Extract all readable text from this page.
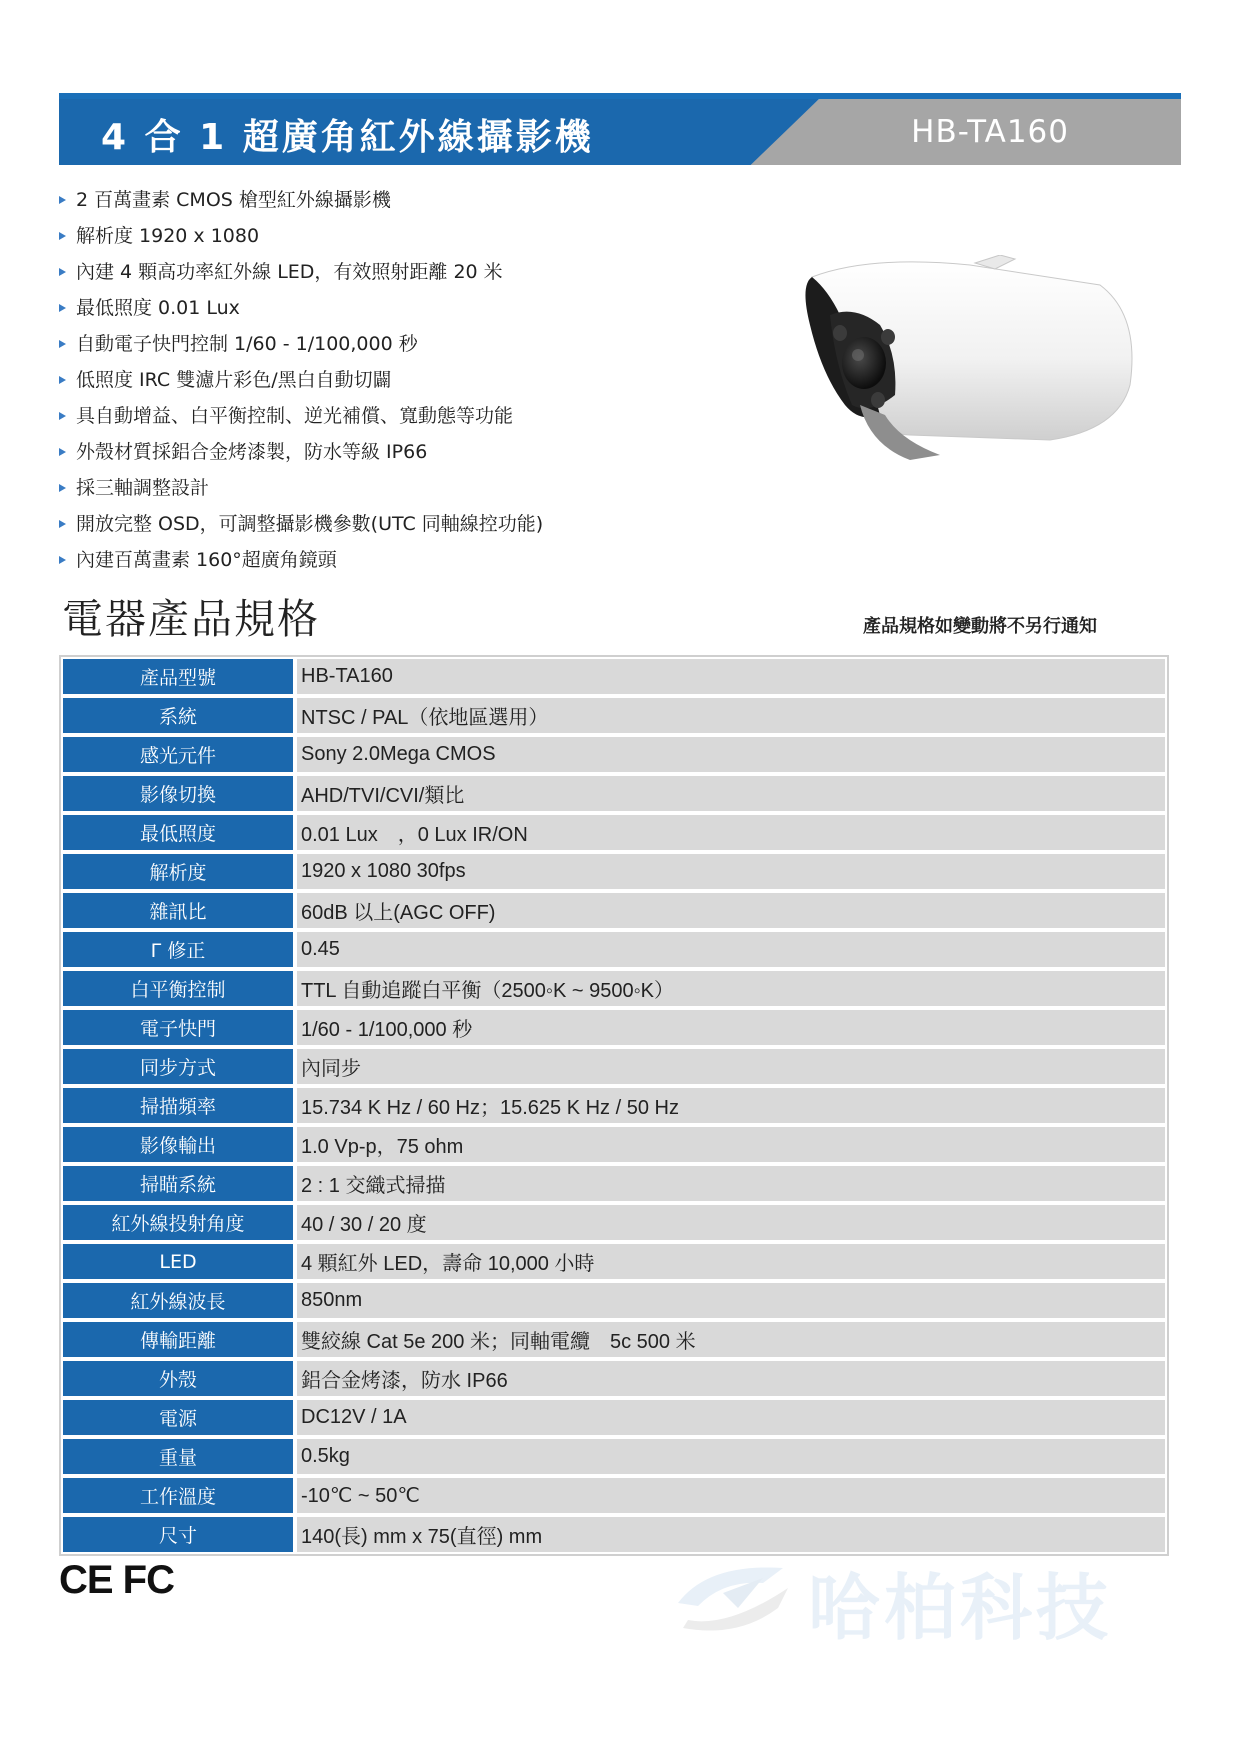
4 合 1 超廣角紅外線攝影機	HB-TA160
2 百萬畫素 CMOS 槍型紅外線攝影機
解析度 1920 x 1080
內建 4 顆高功率紅外線 LED，有效照射距離 20 米
最低照度 0.01 Lux
自動電子快門控制 1/60 - 1/100,000 秒
低照度 IRC 雙濾片彩色/黑白自動切闢
具自動增益、白平衡控制、逆光補償、寬動態等功能
外殼材質採鋁合金烤漆製，防水等級 IP66
採三軸調整設計
開放完整 OSD，可調整攝影機參數(UTC 同軸線控功能)
內建百萬畫素 160°超廣角鏡頭
電器產品規格	產品規格如變動將不另行通知
產品型號	HB-TA160
系統	NTSC / PAL（依地區選用）
感光元件	Sony 2.0Mega CMOS
影像切換	AHD/TVI/CVI/類比
最低照度	0.01 Lux　，0 Lux IR/ON
解析度	1920 x 1080 30fps
雜訊比	60dB 以上(AGC OFF)
Γ 修正	0.45
白平衡控制	TTL 自動追蹤白平衡（2500◦K ~ 9500◦K）
電子快門	1/60 - 1/100,000 秒
同步方式	內同步
掃描頻率	15.734 K Hz / 60 Hz；15.625 K Hz / 50 Hz
影像輸出	1.0 Vp-p，75 ohm
掃瞄系統	2 : 1 交織式掃描
紅外線投射角度	40 / 30 / 20 度
LED	4 顆紅外 LED，壽命 10,000 小時
紅外線波長	850nm
傳輸距離	雙絞線 Cat 5e 200 米；同軸電纜　5c 500 米
外殼	鋁合金烤漆，防水 IP66
電源	DC12V / 1A
重量	0.5kg
工作溫度	-10℃ ~ 50℃
尺寸	140(長) mm x 75(直徑) mm
CE FC	哈柏科技
